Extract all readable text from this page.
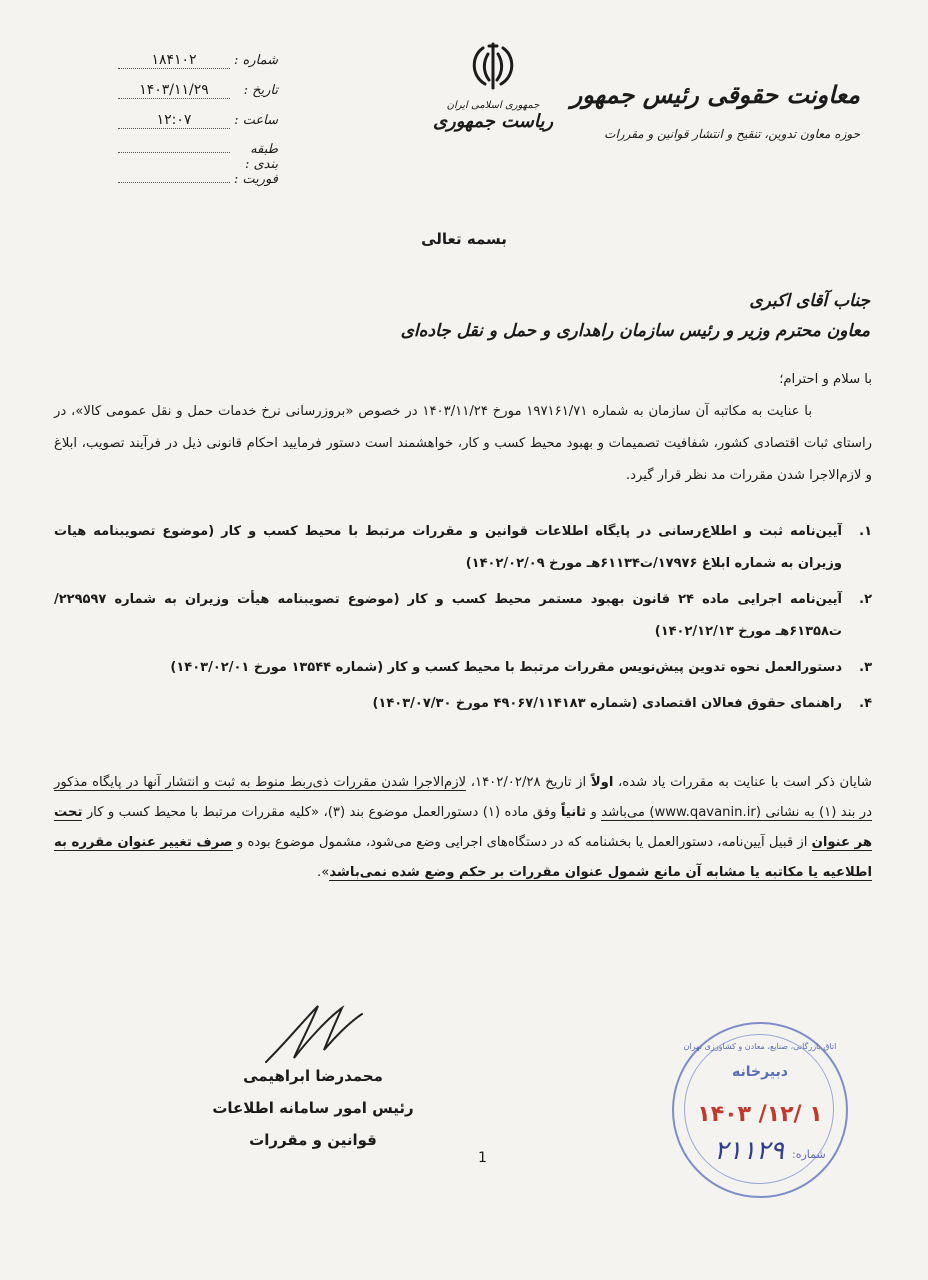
معاونت حقوقی رئیس جمهور
حوزه معاون تدوین، تنقیح و انتشار قوانین و مقررات
جمهوری اسلامی ایران
ریاست جمهوری
شماره :
۱۸۴۱۰۲
تاریخ :
۱۴۰۳/۱۱/۲۹
ساعت :
۱۲:۰۷
طبقه بندی :
فوریت :
بسمه تعالی
جناب آقای اکبری
معاون محترم وزیر و رئیس سازمان راهداری و حمل و نقل جاده‌ای

با سلام و احترام؛

با عنایت به مکاتبه آن سازمان به شماره ۱۹۷۱۶۱/۷۱ مورخ ۱۴۰۳/۱۱/۲۴ در خصوص «بروزرسانی نرخ خدمات حمل و نقل عمومی کالا»، در راستای ثبات اقتصادی کشور، شفافیت تصمیمات و بهبود محیط کسب و کار، خواهشمند است دستور فرمایید احکام قانونی ذیل در فرآیند تصویب، ابلاغ و لازم‌الاجرا شدن مقررات مد نظر قرار گیرد.

۱.
آیین‌نامه ثبت و اطلاع‌رسانی در پایگاه اطلاعات قوانین و مقررات مرتبط با محیط کسب و کار (موضوع تصویبنامه هیات وزیران به شماره ابلاغ ۱۷۹۷۶/ت۶۱۱۳۴هـ مورخ ۱۴۰۲/۰۲/۰۹)
۲.
آیین‌نامه اجرایی ماده ۲۴ قانون بهبود مستمر محیط کسب و کار (موضوع تصویبنامه هیأت وزیران به شماره ۲۲۹۵۹۷/ت۶۱۳۵۸هـ مورخ ۱۴۰۲/۱۲/۱۳)
۳.
دستورالعمل نحوه تدوین پیش‌نویس مقررات مرتبط با محیط کسب و کار (شماره ۱۳۵۴۴ مورخ ۱۴۰۳/۰۲/۰۱)
۴.
راهنمای حقوق فعالان اقتصادی (شماره ۴۹۰۶۷/۱۱۴۱۸۳ مورخ ۱۴۰۳/۰۷/۳۰)
شایان ذکر است با عنایت به مقررات یاد شده، اولاً از تاریخ ۱۴۰۲/۰۲/۲۸، لازم‌الاجرا شدن مقررات ذی‌ربط منوط به ثبت و انتشار آنها در پایگاه مذکور در بند (۱) به نشانی (www.qavanin.ir) می‌باشد و ثانیاً وفق ماده (۱) دستورالعمل موضوع بند (۳)، «کلیه مقررات مرتبط با محیط کسب و کار تحت هر عنوان از قبیل آیین‌نامه، دستورالعمل یا بخشنامه که در دستگاه‌های اجرایی وضع می‌شود، مشمول موضوع بوده و صرف تغییر عنوان مقرره به اطلاعیه یا مکاتبه یا مشابه آن مانع شمول عنوان مقررات بر حکم وضع شده نمی‌باشد».
محمدرضا ابراهیمی
رئیس امور سامانه اطلاعات
قوانین و مقررات
1
اتاق بازرگانی، صنایع، معادن و کشاورزی تهران
دبیرخانه
۱۴۰۳ /۱۲/ ۱
۲۱۱۲۹ شماره:
